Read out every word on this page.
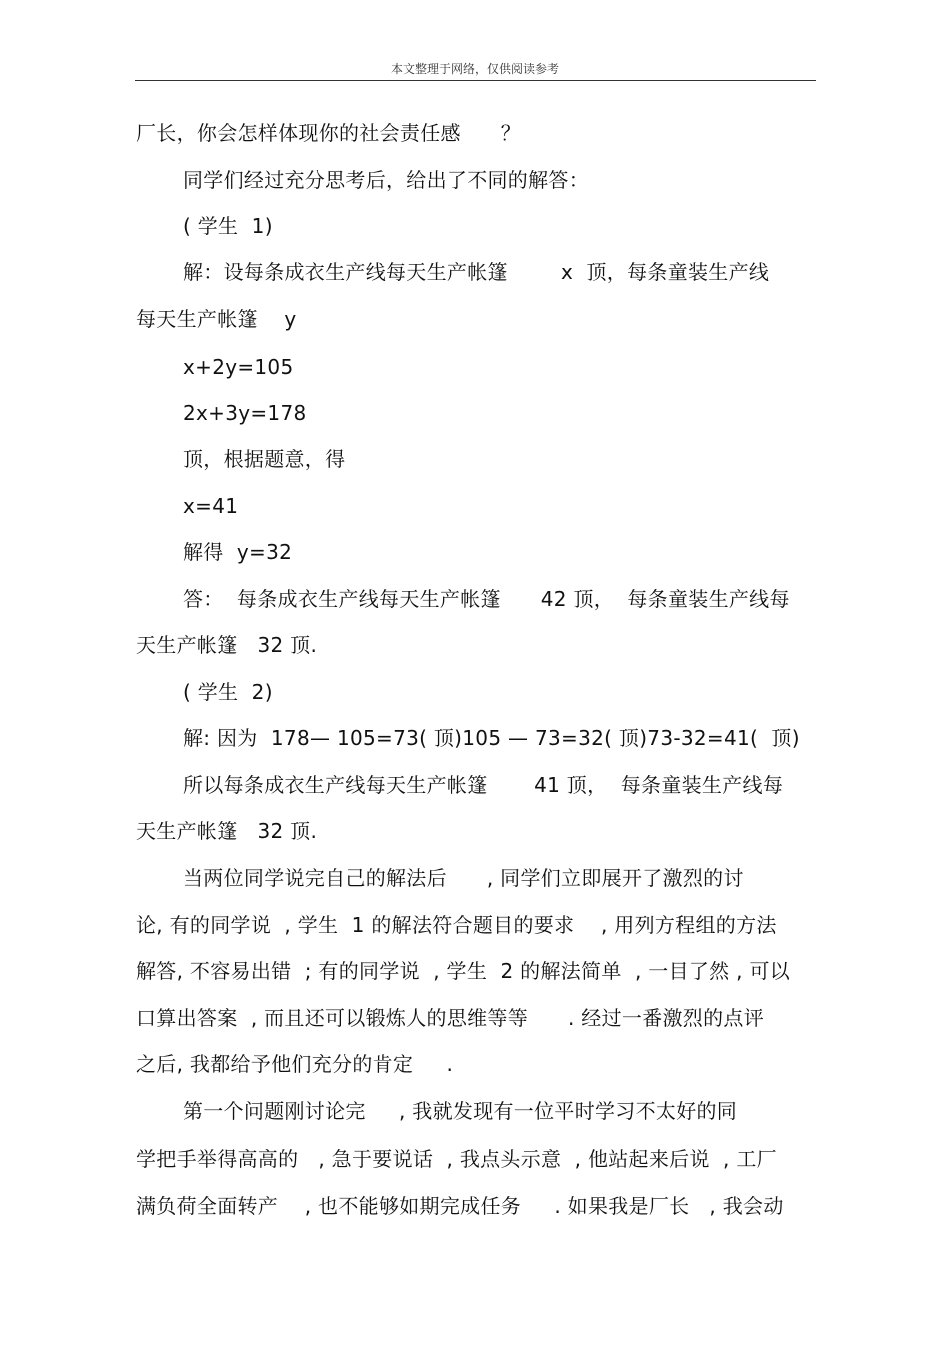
本文整理于网络，仅供阅读参考
厂长，你会怎样体现你的社会责任感      ？
同学们经过充分思考后，给出了不同的解答：
( 学生  1)
解：设每条成衣生产线每天生产帐篷        x  顶，每条童装生产线
每天生产帐篷    y
x+2y=105
2x+3y=178
顶，根据题意，得
x=41
解得  y=32
答：  每条成衣生产线每天生产帐篷      42 顶，  每条童装生产线每
天生产帐篷   32 顶.
( 学生  2)
解: 因为  178— 105=73( 顶)105 — 73=32( 顶)73-32=41(  顶)
所以每条成衣生产线每天生产帐篷       41 顶，  每条童装生产线每
天生产帐篷   32 顶.
当两位同学说完自己的解法后      , 同学们立即展开了激烈的讨
论, 有的同学说  , 学生  1 的解法符合题目的要求    , 用列方程组的方法
解答, 不容易出错  ; 有的同学说  , 学生  2 的解法简单  , 一目了然 , 可以
口算出答案  , 而且还可以锻炼人的思维等等      . 经过一番激烈的点评
之后, 我都给予他们充分的肯定     .
第一个问题刚讨论完     , 我就发现有一位平时学习不太好的同
学把手举得高高的   , 急于要说话  , 我点头示意  , 他站起来后说  , 工厂
满负荷全面转产    , 也不能够如期完成任务     . 如果我是厂长   , 我会动
